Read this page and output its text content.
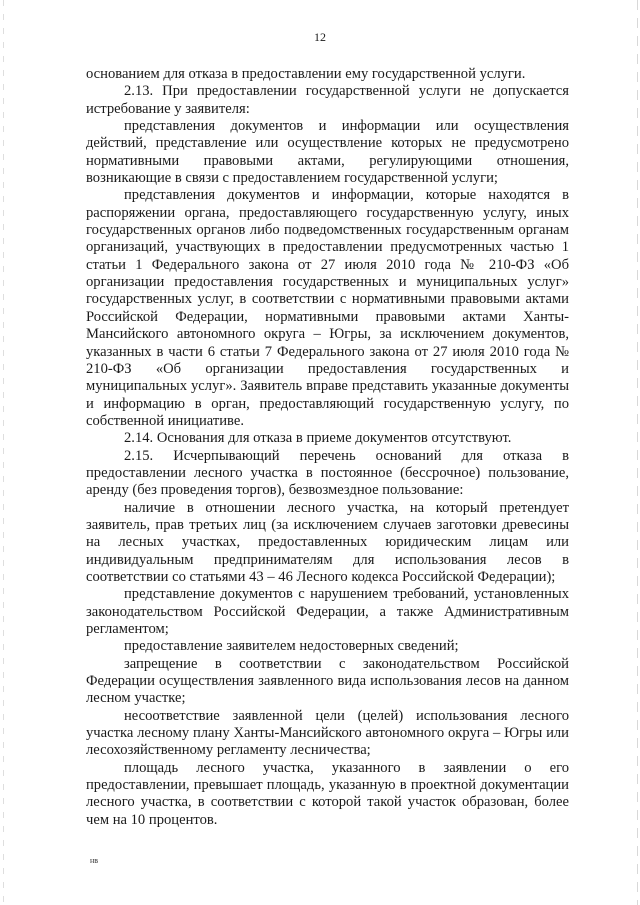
12

основанием для отказа в предоставлении ему государственной услуги.

2.13. При предоставлении государственной услуги не допускается истребование у заявителя:

представления документов и информации или осуществления действий, представление или осуществление которых не предусмотрено нормативными правовыми актами, регулирующими отношения, возникающие в связи с предоставлением государственной услуги;

представления документов и информации, которые находятся в распоряжении органа, предоставляющего государственную услугу, иных государственных органов либо подведомственных государственным органам организаций, участвующих в предоставлении предусмотренных частью 1 статьи 1 Федерального закона от 27 июля 2010 года № 210-ФЗ «Об организации предоставления государственных и муниципальных услуг» государственных услуг, в соответствии с нормативными правовыми актами Российской Федерации, нормативными правовыми актами Ханты-Мансийского автономного округа – Югры, за исключением документов, указанных в части 6 статьи 7 Федерального закона от 27 июля 2010 года № 210-ФЗ «Об организации предоставления государственных и муниципальных услуг». Заявитель вправе представить указанные документы и информацию в орган, предоставляющий государственную услугу, по собственной инициативе.

2.14. Основания для отказа в приеме документов отсутствуют.

2.15. Исчерпывающий перечень оснований для отказа в предоставлении лесного участка в постоянное (бессрочное) пользование, аренду (без проведения торгов), безвозмездное пользование:

наличие в отношении лесного участка, на который претендует заявитель, прав третьих лиц (за исключением случаев заготовки древесины на лесных участках, предоставленных юридическим лицам или индивидуальным предпринимателям для использования лесов в соответствии со статьями 43 – 46 Лесного кодекса Российской Федерации);

представление документов с нарушением требований, установленных законодательством Российской Федерации, а также Административным регламентом;

предоставление заявителем недостоверных сведений;

запрещение в соответствии с законодательством Российской Федерации осуществления заявленного вида использования лесов на данном лесном участке;

несоответствие заявленной цели (целей) использования лесного участка лесному плану Ханты-Мансийского автономного округа – Югры или лесохозяйственному регламенту лесничества;

площадь лесного участка, указанного в заявлении о его предоставлении, превышает площадь, указанную в проектной документации лесного участка, в соответствии с которой такой участок образован, более чем на 10 процентов.

нв
